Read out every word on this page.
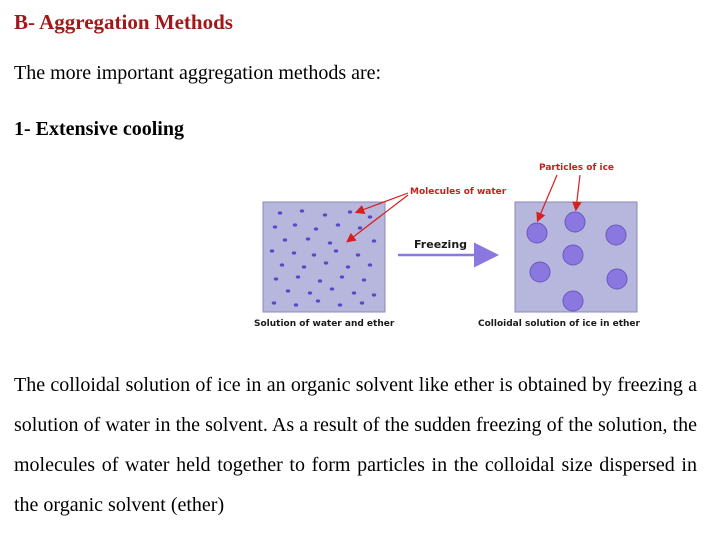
B- Aggregation Methods
The more important aggregation methods are:
1- Extensive cooling
Freezing
Molecules of water
Particles of ice
Solution of water and ether	Colloidal solution of ice in ether

The colloidal solution of ice in an organic solvent like ether is obtained by freezing a solution of water in the solvent. As a result of the sudden freezing of the solution, the molecules of water held together to form particles in the colloidal size dispersed in the organic solvent (ether)
